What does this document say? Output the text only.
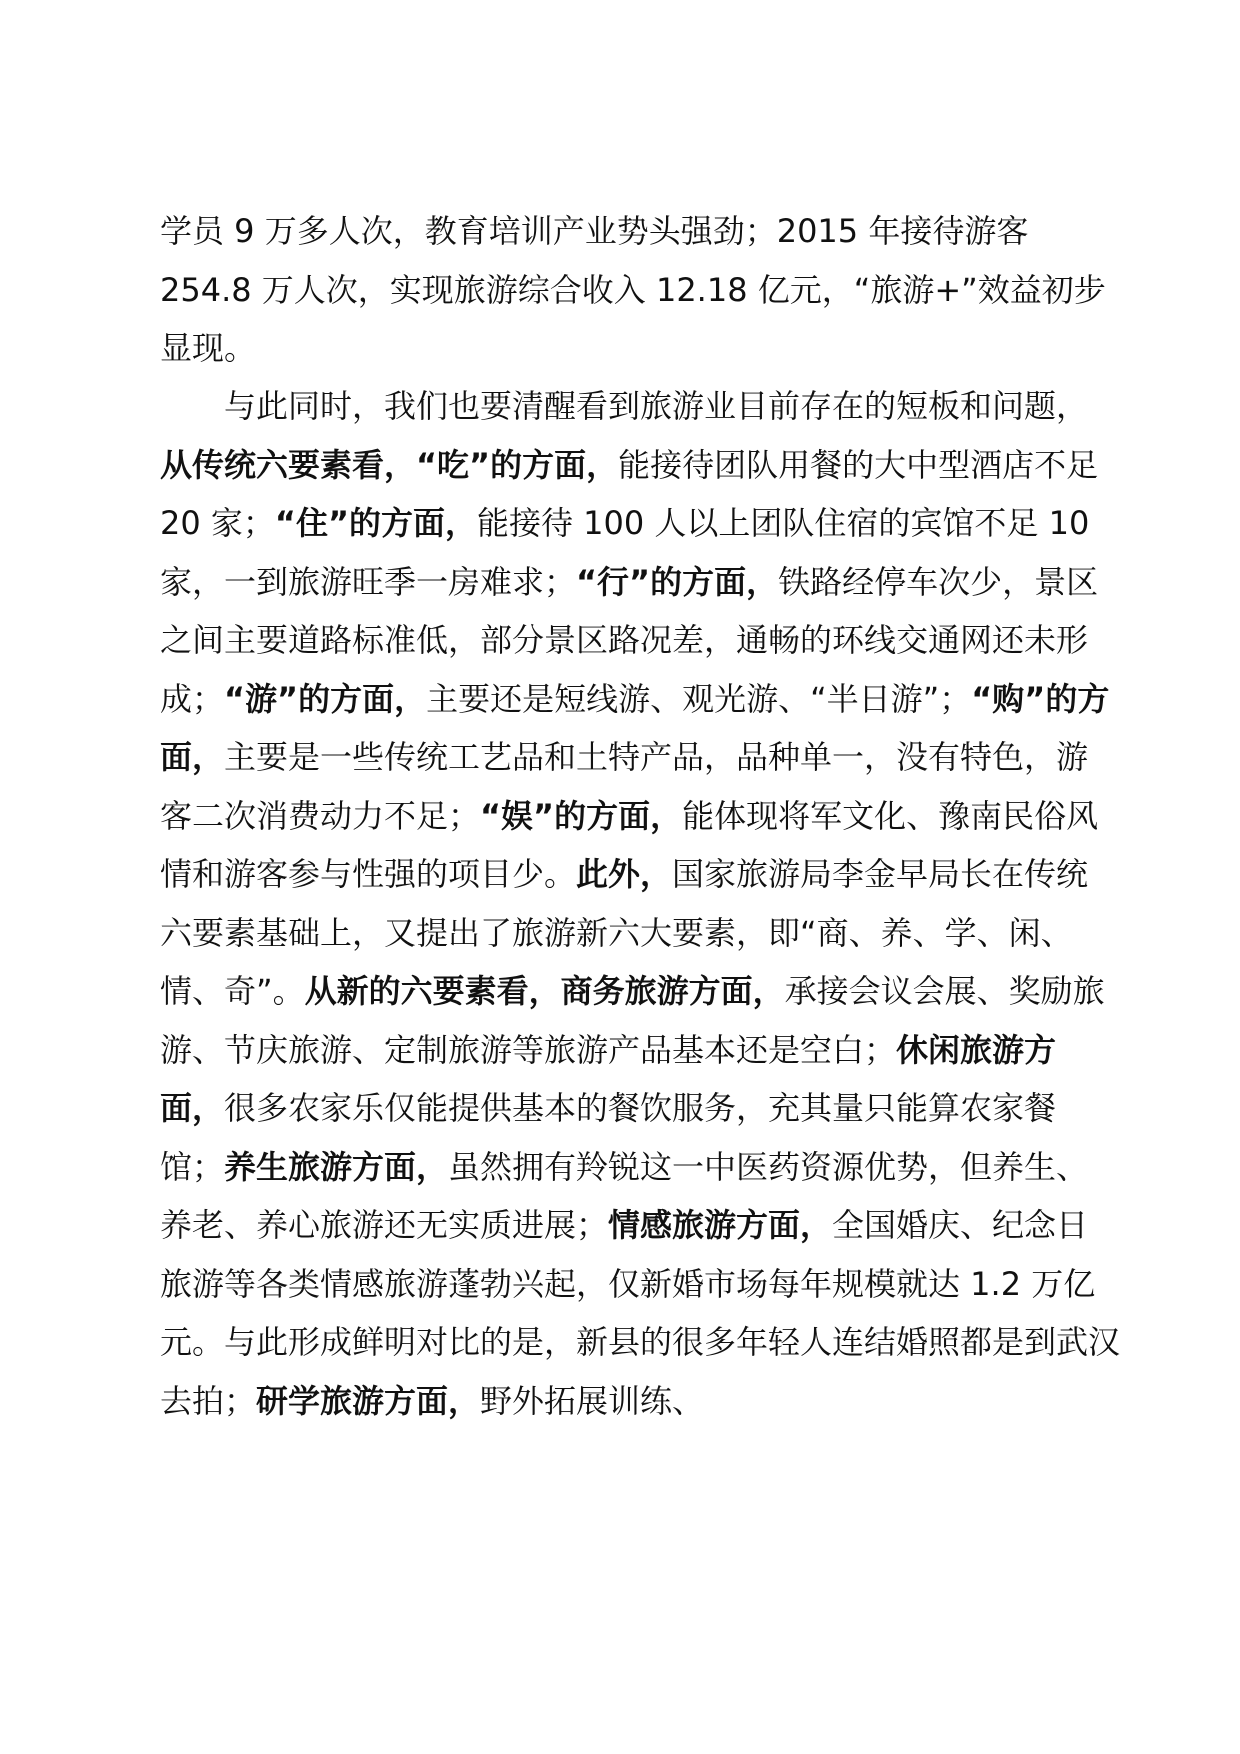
学员 9 万多人次，教育培训产业势头强劲；2015 年接待游客 254.8 万人次，实现旅游综合收入 12.18 亿元，“旅游+”效益初步显现。

与此同时，我们也要清醒看到旅游业目前存在的短板和问题，从传统六要素看，“吃”的方面，能接待团队用餐的大中型酒店不足 20 家；“住”的方面，能接待 100 人以上团队住宿的宾馆不足 10 家，一到旅游旺季一房难求；“行”的方面，铁路经停车次少，景区之间主要道路标准低，部分景区路况差，通畅的环线交通网还未形成；“游”的方面，主要还是短线游、观光游、“半日游”；“购”的方面，主要是一些传统工艺品和土特产品，品种单一，没有特色，游客二次消费动力不足；“娱”的方面，能体现将军文化、豫南民俗风情和游客参与性强的项目少。此外，国家旅游局李金早局长在传统六要素基础上，又提出了旅游新六大要素，即“商、养、学、闲、情、奇”。从新的六要素看，商务旅游方面，承接会议会展、奖励旅游、节庆旅游、定制旅游等旅游产品基本还是空白；休闲旅游方面，很多农家乐仅能提供基本的餐饮服务，充其量只能算农家餐馆；养生旅游方面，虽然拥有羚锐这一中医药资源优势，但养生、养老、养心旅游还无实质进展；情感旅游方面，全国婚庆、纪念日旅游等各类情感旅游蓬勃兴起，仅新婚市场每年规模就达 1.2 万亿元。与此形成鲜明对比的是，新县的很多年轻人连结婚照都是到武汉去拍；研学旅游方面，野外拓展训练、
